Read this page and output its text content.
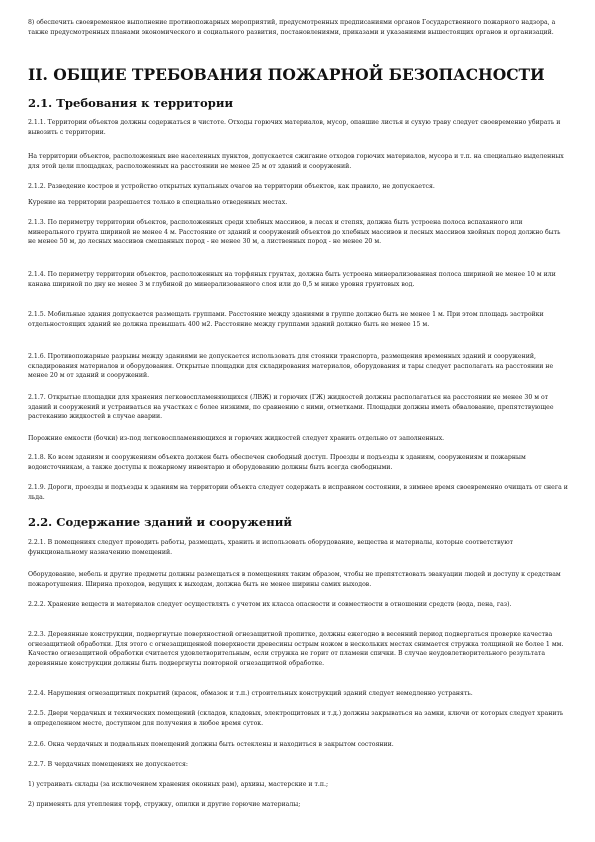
8) обеспечить своевременное выполнение противопожарных мероприятий, предусмотренных предписаниями органов Государственного пожарного надзора, а также предусмотренных планами экономического и социального развития, постановлениями, приказами и указаниями вышестоящих органов и организаций.

II. ОБЩИЕ ТРЕБОВАНИЯ ПОЖАРНОЙ БЕЗОПАСНОСТИ
2.1. Требования к территории

2.1.1. Территории объектов должны содержаться в чистоте. Отходы горючих материалов, мусор, опавшие листья и сухую траву следует своевременно убирать и вывозить с территории.

На территории объектов, расположенных вне населенных пунктов, допускается сжигание отходов горючих материалов, мусора и т.п. на специально выделенных для этой цели площадках, расположенных на расстоянии не менее 25 м от зданий и сооружений.

2.1.2. Разведение костров и устройство открытых купальных очагов на территории объектов, как правило, не допускается.

Курение на территории разрешается только в специально отведенных местах.

2.1.3. По периметру территории объектов, расположенных среди хлебных массивов, в лесах и степях, должна быть устроена полоса вспаханного или минерального грунта шириной не менее 4 м. Расстояние от зданий и сооружений объектов до хлебных массивов и лесных массивов хвойных пород должно быть не менее 50 м, до лесных массивов смешанных пород - не менее 30 м, а лиственных пород - не менее 20 м.

2.1.4. По периметру территории объектов, расположенных на торфяных грунтах, должна быть устроена минерализованная полоса шириной не менее 10 м или канава шириной по дну не менее 3 м глубиной до минерализованного слоя или до 0,5 м ниже уровня грунтовых вод.

2.1.5. Мобильные здания допускается размещать группами. Расстояние между зданиями в группе должно быть не менее 1 м. При этом площадь застройки отдельностоящих зданий не должна превышать 400 м2. Расстояние между группами зданий должно быть не менее 15 м.

2.1.6. Противопожарные разрывы между зданиями не допускается использовать для стоянки транспорта, размещения временных зданий и сооружений, складирования материалов и оборудования. Открытые площадки для складирования материалов, оборудования и тары следует располагать на расстоянии не менее 20 м от зданий и сооружений.

2.1.7. Открытые площадки для хранения легковоспламеняющихся (ЛВЖ) и горючих (ГЖ) жидкостей должны располагаться на расстоянии не менее 30 м от зданий и сооружений и устраиваться на участках с более низкими, по сравнению с ними, отметками. Площадки должны иметь обвалование, препятствующее растеканию жидкостей в случае аварии.

Порожние емкости (бочки) из-под легковоспламеняющихся и горючих жидкостей следует хранить отдельно от заполненных.

2.1.8. Ко всем зданиям и сооружениям объекта должен быть обеспечен свободный доступ. Проезды и подъезды к зданиям, сооружениям и пожарным водоисточникам, а также доступы к пожарному инвентарю и оборудованию должны быть всегда свободными.

2.1.9. Дороги, проезды и подъезды к зданиям на территории объекта следует содержать в исправном состоянии, в зимнее время своевременно очищать от снега и льда.

2.2. Содержание зданий и сооружений

2.2.1. В помещениях следует проводить работы, размещать, хранить и использовать оборудование, вещества и материалы, которые соответствуют функциональному назначению помещений.

Оборудование, мебель и другие предметы должны размещаться в помещениях таким образом, чтобы не препятствовать эвакуации людей и доступу к средствам пожаротушения. Ширина проходов, ведущих к выходам, должна быть не менее ширины самих выходов.

2.2.2. Хранение веществ и материалов следует осуществлять с учетом их класса опасности и совместности в отношении средств (вода, пена, газ).

2.2.3. Деревянные конструкции, подвергнутые поверхностной огнезащитной пропитке, должны ежегодно в весенний период подвергаться проверке качества огнезащитной обработки. Для этого с огнезащищенной поверхности древесины острым ножом в нескольких местах снимается стружка толщиной не более 1 мм. Качество огнезащитной обработки считается удовлетворительным, если стружка не горит от пламени спички. В случае неудовлетворительного результата деревянные конструкции должны быть подвергнуты повторной огнезащитной обработке.

2.2.4. Нарушения огнезащитных покрытий (красок, обмазок и т.п.) строительных конструкций зданий следует немедленно устранять.

2.2.5. Двери чердачных и технических помещений (складов, кладовых, электрощитовых и т.д.) должны закрываться на замки, ключи от которых следует хранить в определенном месте, доступном для получения в любое время суток.

2.2.6. Окна чердачных и подвальных помещений должны быть остеклены и находиться в закрытом состоянии.

2.2.7. В чердачных помещениях не допускается:

1) устраивать склады (за исключением хранения оконных рам), архивы, мастерские и т.п.;

2) применять для утепления торф, стружку, опилки и другие горючие материалы;
